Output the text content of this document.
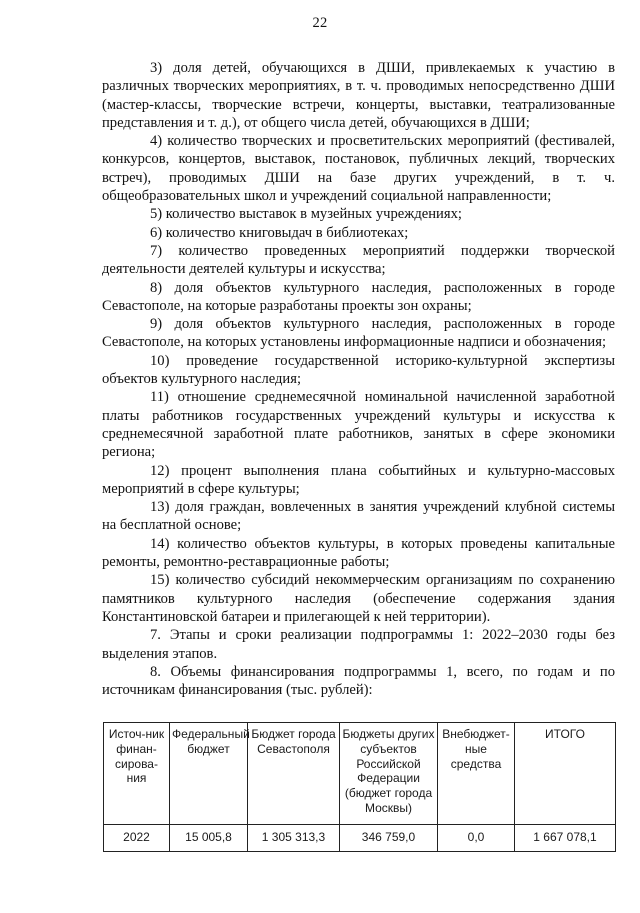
22

3) доля детей, обучающихся в ДШИ, привлекаемых к участию в различных творческих мероприятиях, в т. ч. проводимых непосредственно ДШИ (мастер-классы, творческие встречи, концерты, выставки, театрализованные представления и т. д.), от общего числа детей, обучающихся в ДШИ;

4) количество творческих и просветительских мероприятий (фестивалей, конкурсов, концертов, выставок, постановок, публичных лекций, творческих встреч), проводимых ДШИ на базе других учреждений, в т. ч. общеобразовательных школ и учреждений социальной направленности;

5) количество выставок в музейных учреждениях;

6) количество книговыдач в библиотеках;

7) количество проведенных мероприятий поддержки творческой деятельности деятелей культуры и искусства;

8) доля объектов культурного наследия, расположенных в городе Севастополе, на которые разработаны проекты зон охраны;

9) доля объектов культурного наследия, расположенных в городе Севастополе, на которых установлены информационные надписи и обозначения;

10) проведение государственной историко-культурной экспертизы объектов культурного наследия;

11) отношение среднемесячной номинальной начисленной заработной платы работников государственных учреждений культуры и искусства к среднемесячной заработной плате работников, занятых в сфере экономики региона;

12) процент выполнения плана событийных и культурно-массовых мероприятий в сфере культуры;

13) доля граждан, вовлеченных в занятия учреждений клубной системы на бесплатной основе;

14) количество объектов культуры, в которых проведены капитальные ремонты, ремонтно-реставрационные работы;

15) количество субсидий некоммерческим организациям по сохранению памятников культурного наследия (обеспечение содержания здания Константиновской батареи и прилегающей к ней территории).

7. Этапы и сроки реализации подпрограммы 1: 2022–2030 годы без выделения этапов.

8. Объемы финансирования подпрограммы 1, всего, по годам и по источникам финансирования (тыс. рублей):

Источ-ник финан-сирова-ния	Федеральный бюджет	Бюджет города Севастополя	Бюджеты других субъектов Российской Федерации (бюджет города Москвы)	Внебюджет-ные средства	ИТОГО
2022	15 005,8	1 305 313,3	346 759,0	0,0	1 667 078,1
